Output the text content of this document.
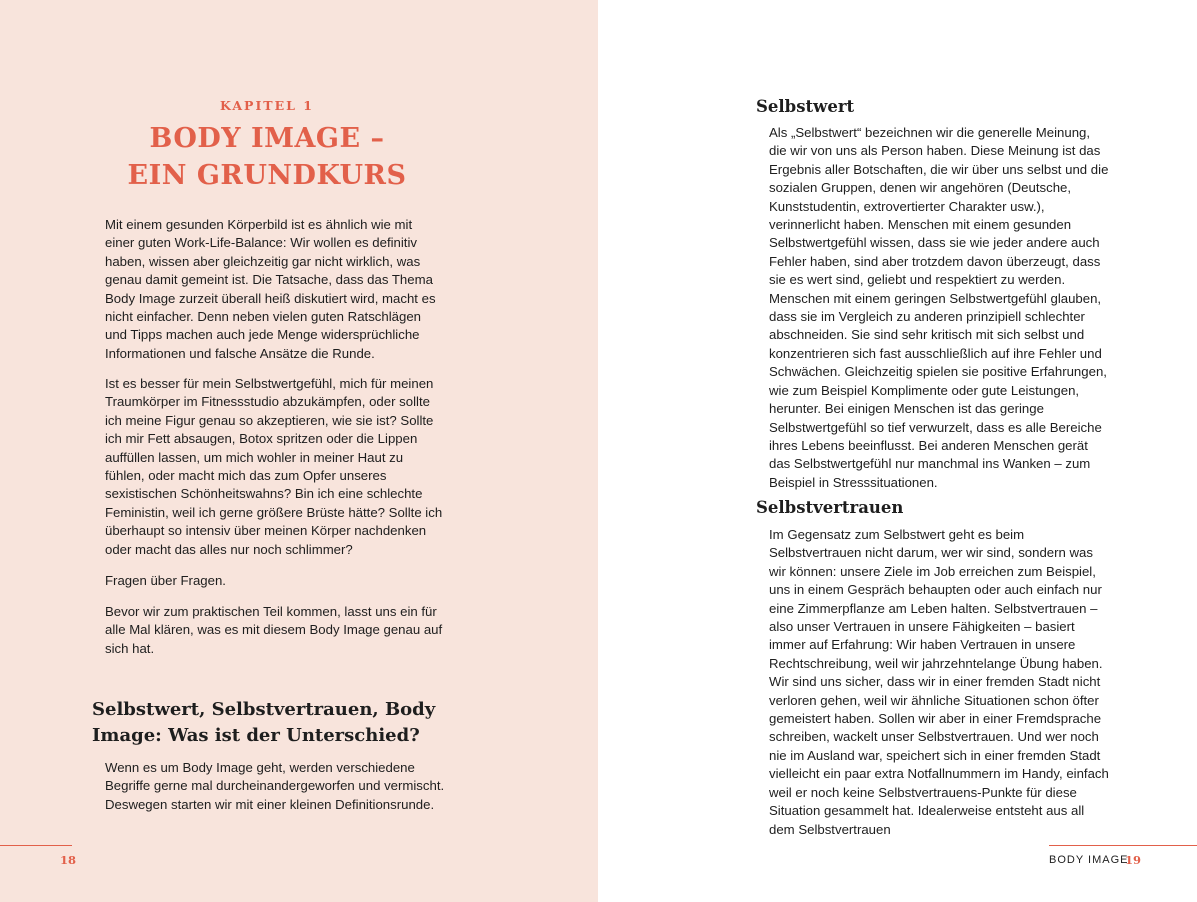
KAPITEL 1
BODY IMAGE –
EIN GRUNDKURS

Mit einem gesunden Körperbild ist es ähnlich wie mit einer guten Work-Life-Balance: Wir wollen es definitiv haben, wissen aber gleichzeitig gar nicht wirklich, was genau damit gemeint ist. Die Tatsache, dass das Thema Body Image zurzeit überall heiß diskutiert wird, macht es nicht einfacher. Denn neben vielen guten Ratschlägen und Tipps machen auch jede Menge widersprüchliche Informationen und falsche Ansätze die Runde.

Ist es besser für mein Selbstwertgefühl, mich für meinen Traumkörper im Fitnessstudio abzukämpfen, oder sollte ich meine Figur genau so akzeptieren, wie sie ist? Sollte ich mir Fett absaugen, Botox spritzen oder die Lippen auffüllen lassen, um mich wohler in meiner Haut zu fühlen, oder macht mich das zum Opfer unseres sexistischen Schönheitswahns? Bin ich eine schlechte Feministin, weil ich gerne größere Brüste hätte? Sollte ich überhaupt so intensiv über meinen Körper nachdenken oder macht das alles nur noch schlimmer?

Fragen über Fragen.

Bevor wir zum praktischen Teil kommen, lasst uns ein für alle Mal klären, was es mit diesem Body Image genau auf sich hat.

Selbstwert, Selbstvertrauen, Body Image: Was ist der Unterschied?

Wenn es um Body Image geht, werden verschiedene Begriffe gerne mal durcheinandergeworfen und vermischt. Deswegen starten wir mit einer kleinen Definitionsrunde.

18
Selbstwert

Als „Selbstwert“ bezeichnen wir die generelle Meinung, die wir von uns als Person haben. Diese Meinung ist das Ergebnis aller Botschaften, die wir über uns selbst und die sozialen Gruppen, denen wir angehören (Deutsche, Kunststudentin, extrovertierter Charakter usw.), verinnerlicht haben. Menschen mit einem gesunden Selbstwertgefühl wissen, dass sie wie jeder andere auch Fehler haben, sind aber trotzdem davon überzeugt, dass sie es wert sind, geliebt und respektiert zu werden. Menschen mit einem geringen Selbstwertgefühl glauben, dass sie im Vergleich zu anderen prinzipiell schlechter abschneiden. Sie sind sehr kritisch mit sich selbst und konzentrieren sich fast ausschließlich auf ihre Fehler und Schwächen. Gleichzeitig spielen sie positive Erfahrungen, wie zum Beispiel Komplimente oder gute Leistungen, herunter. Bei einigen Menschen ist das geringe Selbstwertgefühl so tief verwurzelt, dass es alle Bereiche ihres Lebens beeinflusst. Bei anderen Menschen gerät das Selbstwertgefühl nur manchmal ins Wanken – zum Beispiel in Stresssituationen.

Selbstvertrauen

Im Gegensatz zum Selbstwert geht es beim Selbstvertrauen nicht darum, wer wir sind, sondern was wir können: unsere Ziele im Job erreichen zum Beispiel, uns in einem Gespräch behaupten oder auch einfach nur eine Zimmerpflanze am Leben halten. Selbstvertrauen – also unser Vertrauen in unsere Fähigkeiten – basiert immer auf Erfahrung: Wir haben Vertrauen in unsere Rechtschreibung, weil wir jahrzehntelange Übung haben. Wir sind uns sicher, dass wir in einer fremden Stadt nicht verloren gehen, weil wir ähnliche Situationen schon öfter gemeistert haben. Sollen wir aber in einer Fremdsprache schreiben, wackelt unser Selbstvertrauen. Und wer noch nie im Ausland war, speichert sich in einer fremden Stadt vielleicht ein paar extra Notfallnummern im Handy, einfach weil er noch keine Selbstvertrauens-Punkte für diese Situation gesammelt hat. Idealerweise entsteht aus all dem Selbstvertrauen

BODY IMAGE
19
